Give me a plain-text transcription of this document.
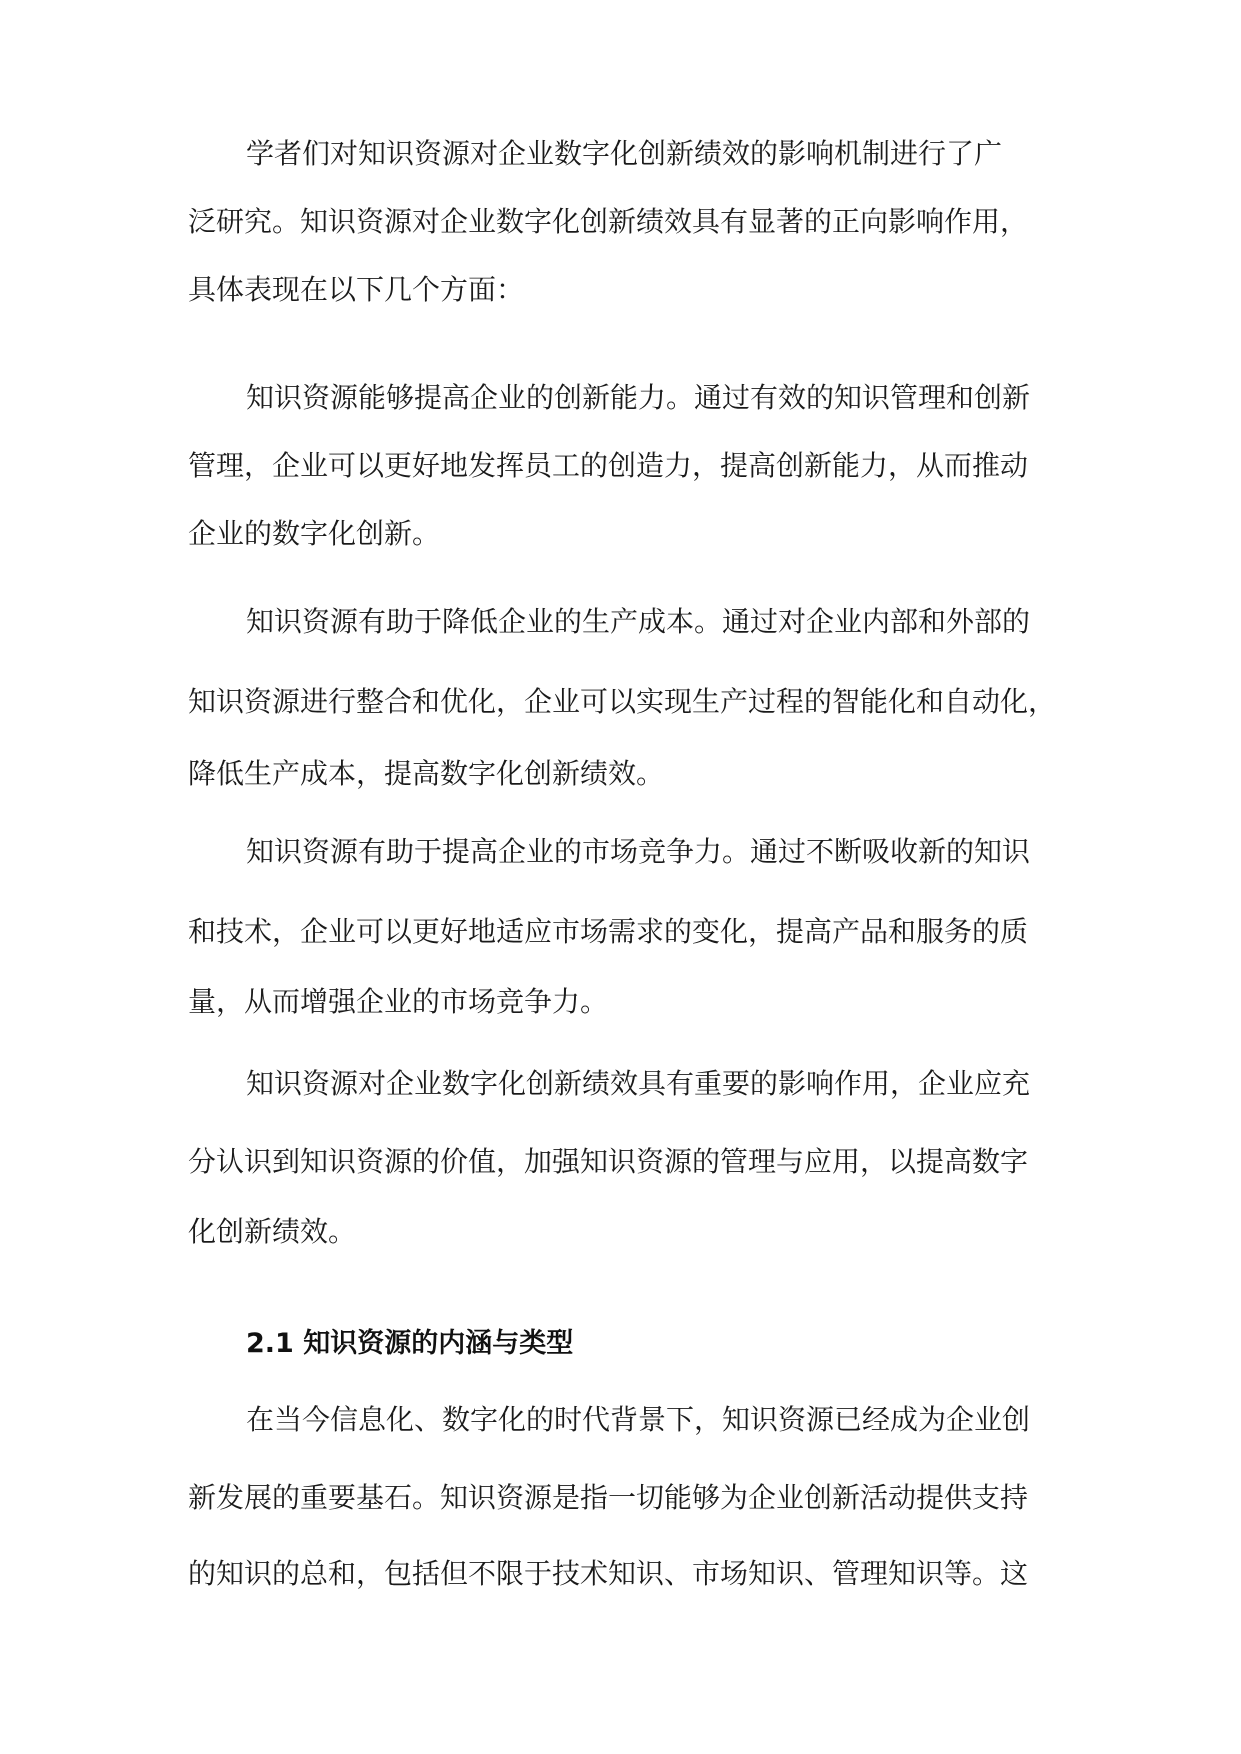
学者们对知识资源对企业数字化创新绩效的影响机制进行了广
泛研究。知识资源对企业数字化创新绩效具有显著的正向影响作用，
具体表现在以下几个方面：
知识资源能够提高企业的创新能力。通过有效的知识管理和创新
管理，企业可以更好地发挥员工的创造力，提高创新能力，从而推动
企业的数字化创新。
知识资源有助于降低企业的生产成本。通过对企业内部和外部的
知识资源进行整合和优化，企业可以实现生产过程的智能化和自动化，
降低生产成本，提高数字化创新绩效。
知识资源有助于提高企业的市场竞争力。通过不断吸收新的知识
和技术，企业可以更好地适应市场需求的变化，提高产品和服务的质
量，从而增强企业的市场竞争力。
知识资源对企业数字化创新绩效具有重要的影响作用，企业应充
分认识到知识资源的价值，加强知识资源的管理与应用，以提高数字
化创新绩效。
2.1 知识资源的内涵与类型
在当今信息化、数字化的时代背景下，知识资源已经成为企业创
新发展的重要基石。知识资源是指一切能够为企业创新活动提供支持
的知识的总和，包括但不限于技术知识、市场知识、管理知识等。这
